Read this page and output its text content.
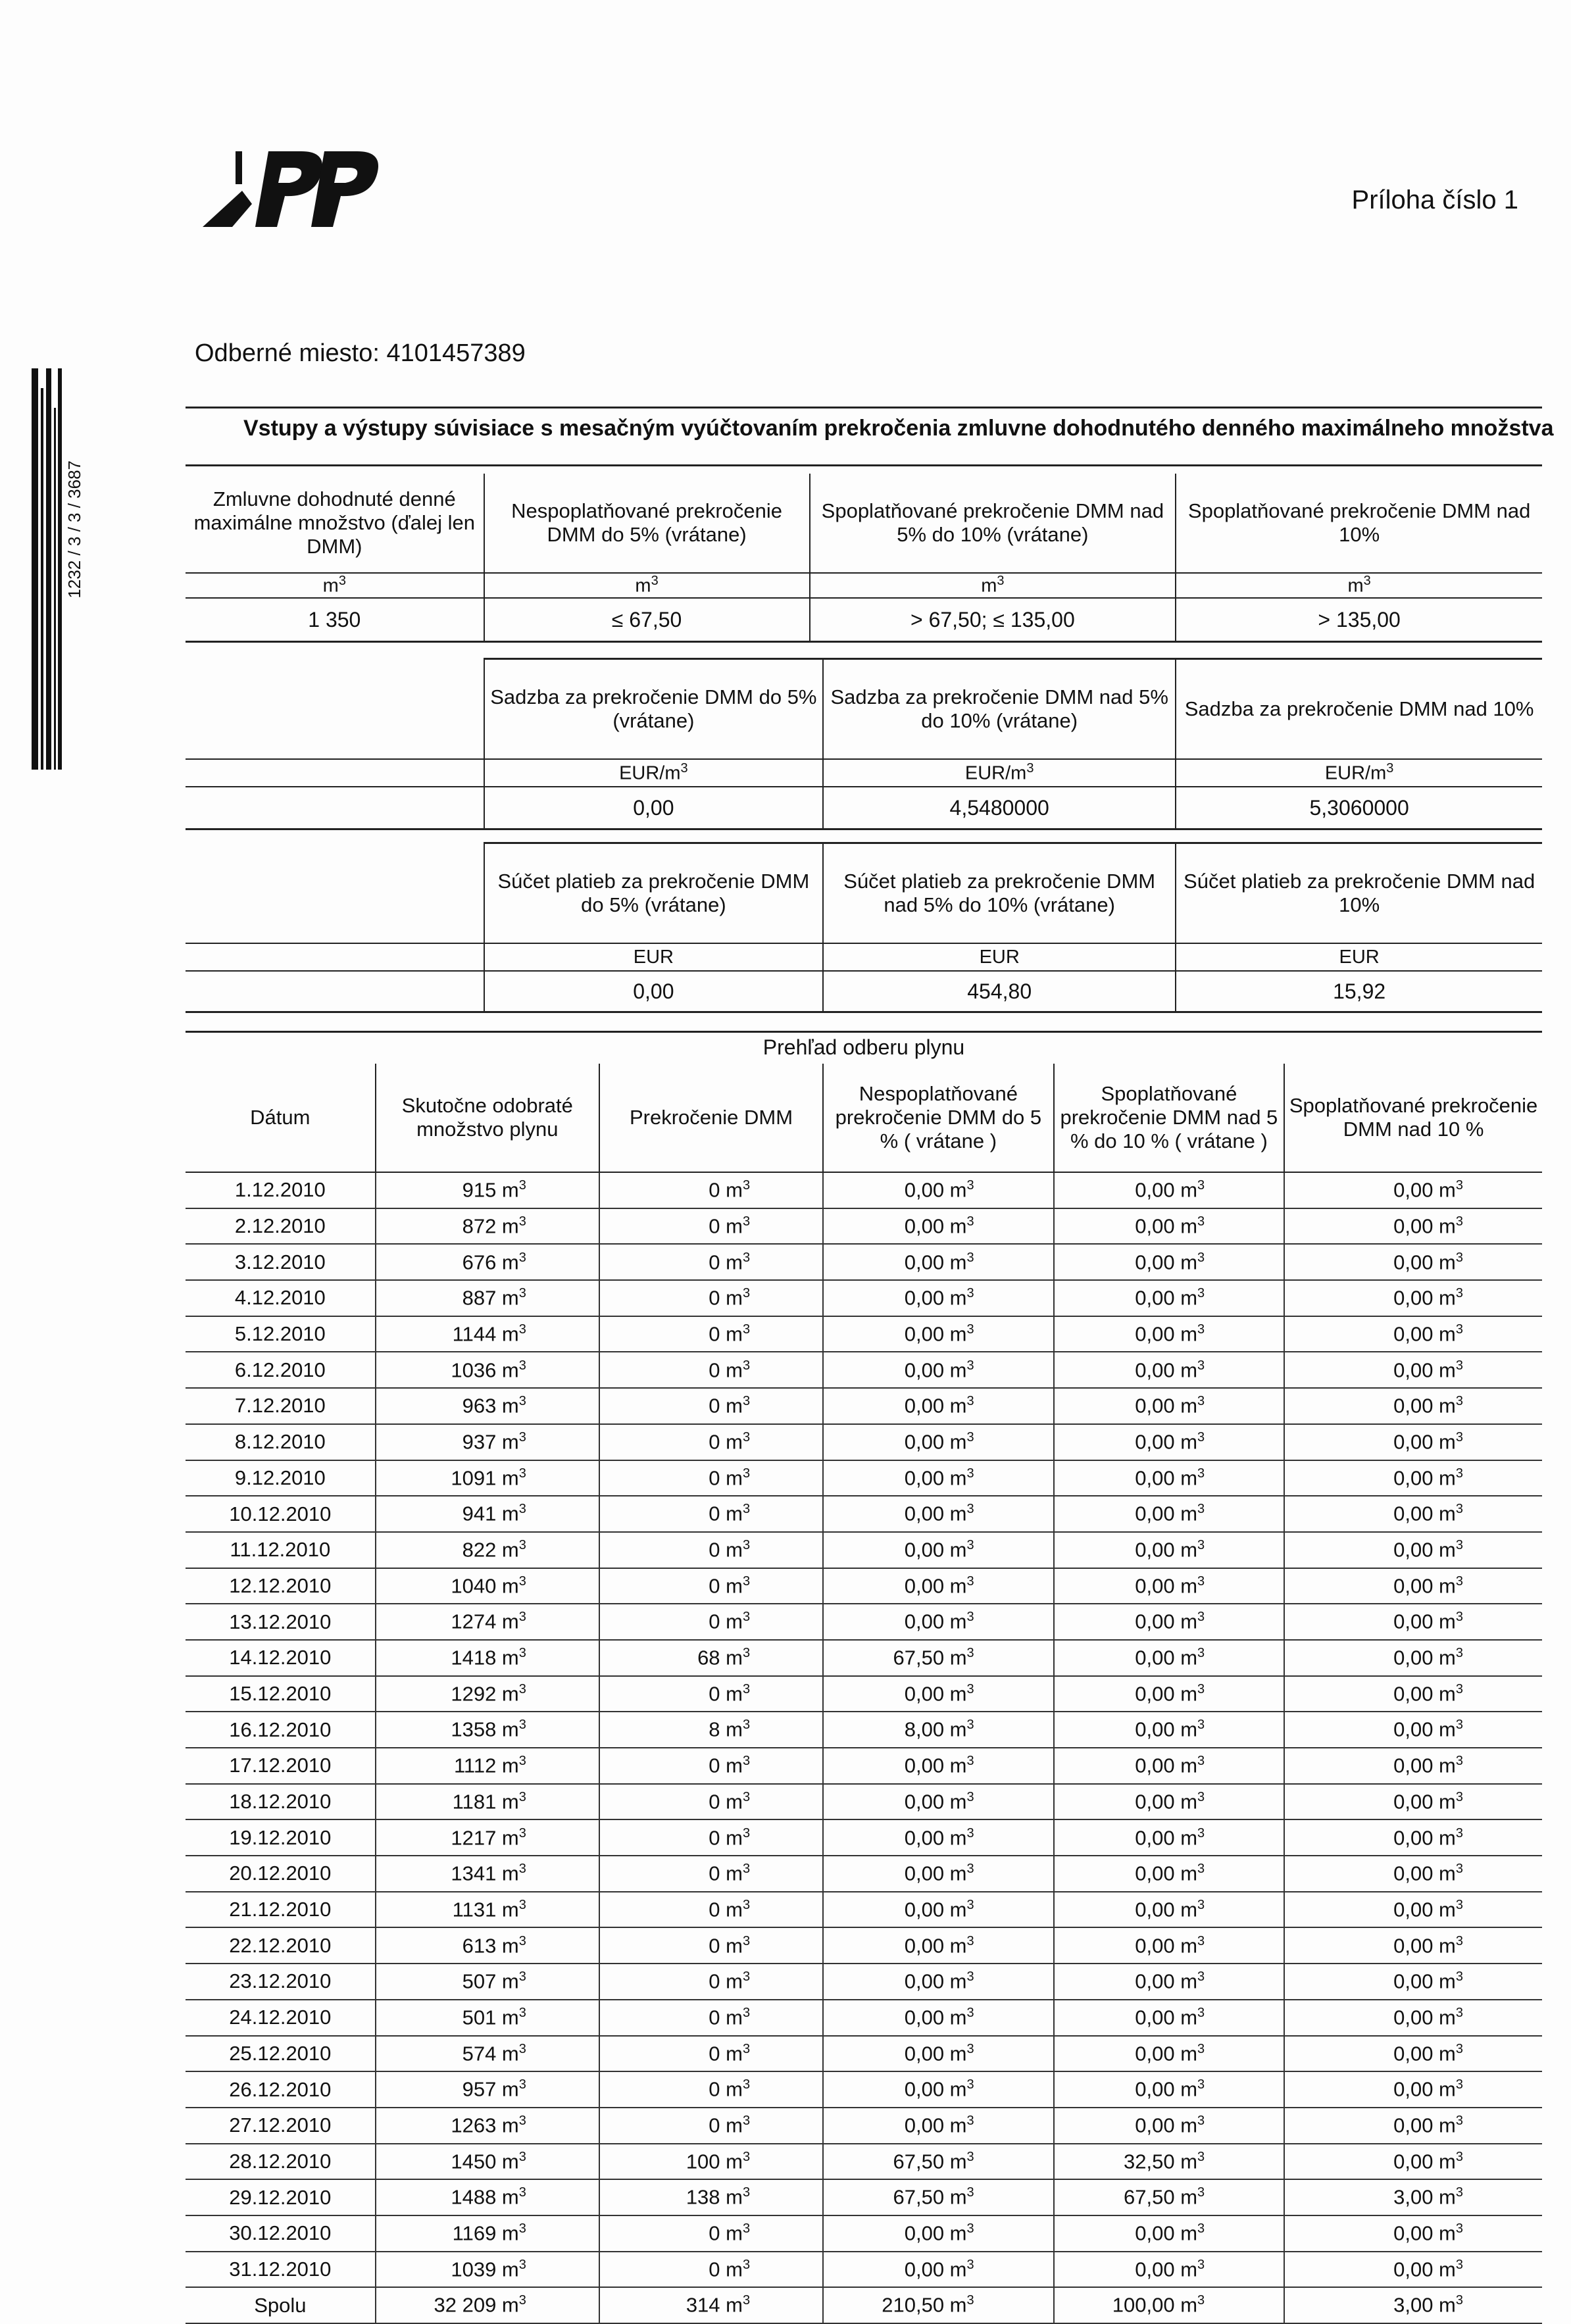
SPP	Príloha číslo 1
Odberné miesto: 4101457389
1232 / 3 / 3 / 3687
Vstupy a výstupy súvisiace s mesačným vyúčtovaním prekročenia zmluvne dohodnutého denného maximálneho množstva
Zmluvne dohodnuté denné maximálne množstvo (ďalej len DMM)	Nespoplatňované prekročenie DMM do 5% (vrátane)	Spoplatňované prekročenie DMM nad 5% do 10% (vrátane)	Spoplatňované prekročenie DMM nad 10%
$m^3$	$m^3$	$m^3$	$m^3$
1 350	≤ 67,50	> 67,50; ≤ 135,00	> 135,00
	Sadzba za prekročenie DMM do 5% (vrátane)	Sadzba za prekročenie DMM nad 5% do 10% (vrátane)	Sadzba za prekročenie DMM nad 10%
	EUR/$m^3$	EUR/$m^3$	EUR/$m^3$
	0,00	4,5480000	5,3060000
	Súčet platieb za prekročenie DMM do 5% (vrátane)	Súčet platieb za prekročenie DMM nad 5% do 10% (vrátane)	Súčet platieb za prekročenie DMM nad 10%
	EUR	EUR	EUR
	0,00	454,80	15,92
Prehľad odberu plynu
Dátum	Skutočne odobraté množstvo plynu	Prekročenie DMM	Nespoplatňované prekročenie DMM do 5 % ( vrátane )	Spoplatňované prekročenie DMM nad 5 % do 10 % ( vrátane )	Spoplatňované prekročenie DMM nad 10 %
1.12.2010	915 $m^3$	0 $m^3$	0,00 $m^3$	0,00 $m^3$	0,00 $m^3$
2.12.2010	872 $m^3$	0 $m^3$	0,00 $m^3$	0,00 $m^3$	0,00 $m^3$
3.12.2010	676 $m^3$	0 $m^3$	0,00 $m^3$	0,00 $m^3$	0,00 $m^3$
4.12.2010	887 $m^3$	0 $m^3$	0,00 $m^3$	0,00 $m^3$	0,00 $m^3$
5.12.2010	1144 $m^3$	0 $m^3$	0,00 $m^3$	0,00 $m^3$	0,00 $m^3$
6.12.2010	1036 $m^3$	0 $m^3$	0,00 $m^3$	0,00 $m^3$	0,00 $m^3$
7.12.2010	963 $m^3$	0 $m^3$	0,00 $m^3$	0,00 $m^3$	0,00 $m^3$
8.12.2010	937 $m^3$	0 $m^3$	0,00 $m^3$	0,00 $m^3$	0,00 $m^3$
9.12.2010	1091 $m^3$	0 $m^3$	0,00 $m^3$	0,00 $m^3$	0,00 $m^3$
10.12.2010	941 $m^3$	0 $m^3$	0,00 $m^3$	0,00 $m^3$	0,00 $m^3$
11.12.2010	822 $m^3$	0 $m^3$	0,00 $m^3$	0,00 $m^3$	0,00 $m^3$
12.12.2010	1040 $m^3$	0 $m^3$	0,00 $m^3$	0,00 $m^3$	0,00 $m^3$
13.12.2010	1274 $m^3$	0 $m^3$	0,00 $m^3$	0,00 $m^3$	0,00 $m^3$
14.12.2010	1418 $m^3$	68 $m^3$	67,50 $m^3$	0,00 $m^3$	0,00 $m^3$
15.12.2010	1292 $m^3$	0 $m^3$	0,00 $m^3$	0,00 $m^3$	0,00 $m^3$
16.12.2010	1358 $m^3$	8 $m^3$	8,00 $m^3$	0,00 $m^3$	0,00 $m^3$
17.12.2010	1112 $m^3$	0 $m^3$	0,00 $m^3$	0,00 $m^3$	0,00 $m^3$
18.12.2010	1181 $m^3$	0 $m^3$	0,00 $m^3$	0,00 $m^3$	0,00 $m^3$
19.12.2010	1217 $m^3$	0 $m^3$	0,00 $m^3$	0,00 $m^3$	0,00 $m^3$
20.12.2010	1341 $m^3$	0 $m^3$	0,00 $m^3$	0,00 $m^3$	0,00 $m^3$
21.12.2010	1131 $m^3$	0 $m^3$	0,00 $m^3$	0,00 $m^3$	0,00 $m^3$
22.12.2010	613 $m^3$	0 $m^3$	0,00 $m^3$	0,00 $m^3$	0,00 $m^3$
23.12.2010	507 $m^3$	0 $m^3$	0,00 $m^3$	0,00 $m^3$	0,00 $m^3$
24.12.2010	501 $m^3$	0 $m^3$	0,00 $m^3$	0,00 $m^3$	0,00 $m^3$
25.12.2010	574 $m^3$	0 $m^3$	0,00 $m^3$	0,00 $m^3$	0,00 $m^3$
26.12.2010	957 $m^3$	0 $m^3$	0,00 $m^3$	0,00 $m^3$	0,00 $m^3$
27.12.2010	1263 $m^3$	0 $m^3$	0,00 $m^3$	0,00 $m^3$	0,00 $m^3$
28.12.2010	1450 $m^3$	100 $m^3$	67,50 $m^3$	32,50 $m^3$	0,00 $m^3$
29.12.2010	1488 $m^3$	138 $m^3$	67,50 $m^3$	67,50 $m^3$	3,00 $m^3$
30.12.2010	1169 $m^3$	0 $m^3$	0,00 $m^3$	0,00 $m^3$	0,00 $m^3$
31.12.2010	1039 $m^3$	0 $m^3$	0,00 $m^3$	0,00 $m^3$	0,00 $m^3$
Spolu	32 209 $m^3$	314 $m^3$	210,50 $m^3$	100,00 $m^3$	3,00 $m^3$
